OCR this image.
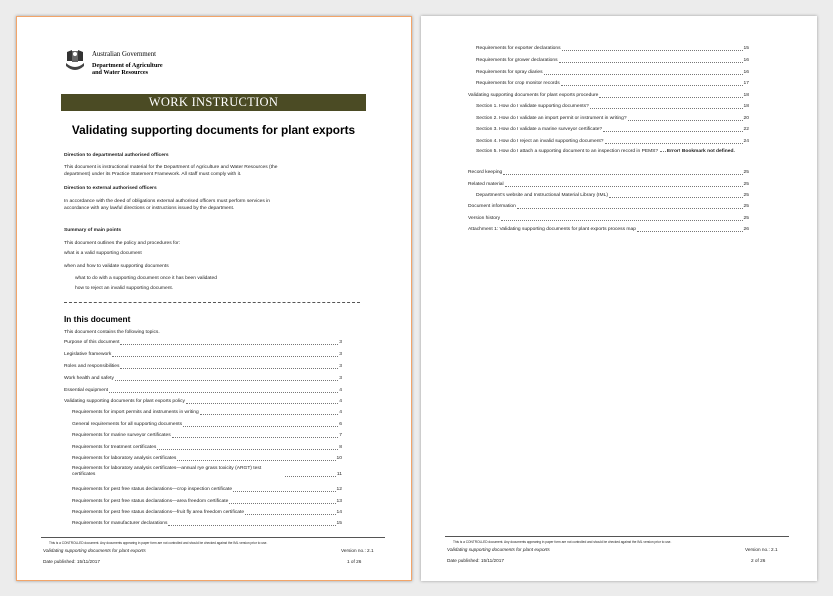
Australian Government
Department of Agriculture
and Water Resources
WORK INSTRUCTION
Validating supporting documents for plant exports
Direction to departmental authorised officers
This document is instructional material for the Department of Agriculture and Water Resources (the
department) under its Practice Statement Framework. All staff must comply with it.
Direction to external authorised officers
In accordance with the deed of obligations external authorised officers must perform services in
accordance with any lawful directions or instructions issued by the department.
Summary of main points
This document outlines the policy and procedures for:
what is a valid supporting document
when and how to validate supporting documents
what to do with a supporting document once it has been validated
how to reject an invalid supporting document.
In this document
This document contains the following topics.
Purpose of this document	3
Legislative framework	3
Roles and responsibilities	3
Work health and safety	3
Essential equipment	4
Validating supporting documents for plant exports policy	4
Requirements for import permits and instruments in writing	4
General requirements for all supporting documents	6
Requirements for marine surveyor certificates	7
Requirements for treatment certificates	8
Requirements for laboratory analysis certificates	10
Requirements for laboratory analysis certificates—annual rye grass toxicity (ARGT) test certificates	11
Requirements for pest free status declarations—crop inspection certificate	12
Requirements for pest free status declarations—area freedom certificate	13
Requirements for pest free status declarations—fruit fly area freedom certificate	14
Requirements for manufacturer declarations	15
This is a CONTROLLED document. Any documents appearing in paper form are not controlled and should be checked against the IML version prior to use.
Validating supporting documents for plant exports	Version no.: 2.1
Date published: 15/11/2017	1 of 26
Requirements for exporter declarations	15
Requirements for grower declarations	16
Requirements for spray diaries	16
Requirements for crop monitor records	17
Validating supporting documents for plant exports procedure	18
Section 1. How do I validate supporting documents?	18
Section 2. How do I validate an import permit or instrument in writing?	20
Section 3. How do I validate a marine surveyor certificate?	22
Section 4. How do I reject an invalid supporting document?	24
Section 5. How do I attach a supporting document to an inspection record in PEMS? Error! Bookmark not defined.
Record keeping	25
Related material	25
Department's website and Instructional Material Library (IML)	25
Document information	25
Version history	25
Attachment 1: Validating supporting documents for plant exports process map	26
This is a CONTROLLED document. Any documents appearing in paper form are not controlled and should be checked against the IML version prior to use.
Validating supporting documents for plant exports	Version no.: 2.1
Date published: 15/11/2017	2 of 26
